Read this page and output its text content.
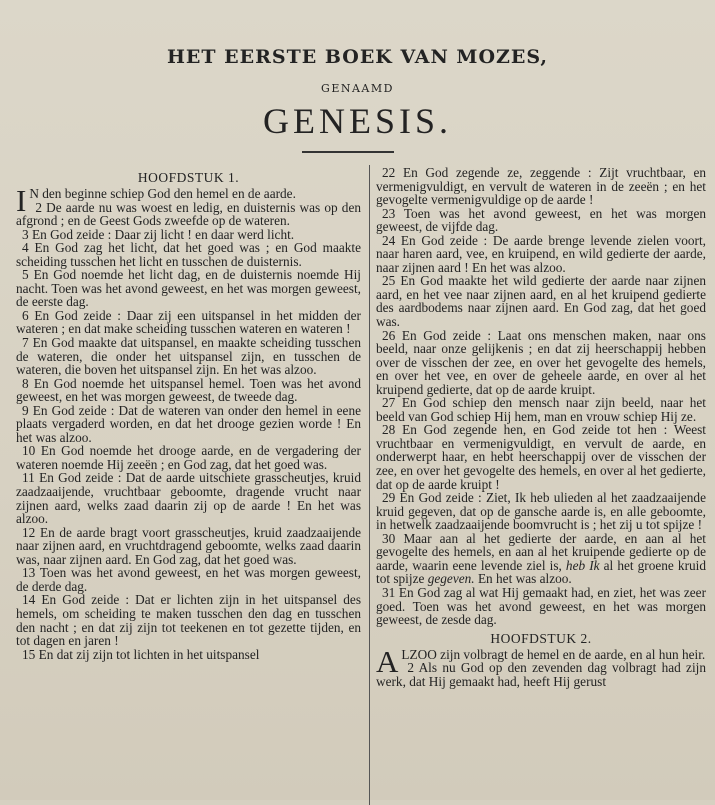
HET EERSTE BOEK VAN MOZES,
GENAAMD
GENESIS.
HOOFDSTUK 1.

I N den beginne schiep God den hemel en de aarde.

2 De aarde nu was woest en ledig, en duisternis was op den afgrond ; en de Geest Gods zweefde op de wateren.

3 En God zeide : Daar zij licht ! en daar werd licht.

4 En God zag het licht, dat het goed was ; en God maakte scheiding tusschen het licht en tusschen de duisternis.

5 En God noemde het licht dag, en de duisternis noemde Hij nacht. Toen was het avond geweest, en het was morgen geweest, de eerste dag.

6 En God zeide : Daar zij een uitspansel in het midden der wateren ; en dat make scheiding tusschen wateren en wateren !

7 En God maakte dat uitspansel, en maakte scheiding tusschen de wateren, die onder het uitspansel zijn, en tusschen de wateren, die boven het uitspansel zijn. En het was alzoo.

8 En God noemde het uitspansel hemel. Toen was het avond geweest, en het was morgen geweest, de tweede dag.

9 En God zeide : Dat de wateren van onder den hemel in eene plaats vergaderd worden, en dat het drooge gezien worde ! En het was alzoo.

10 En God noemde het drooge aarde, en de vergadering der wateren noemde Hij zeeën ; en God zag, dat het goed was.

11 En God zeide : Dat de aarde uitschiete grasscheutjes, kruid zaadzaaijende, vruchtbaar geboomte, dragende vrucht naar zijnen aard, welks zaad daarin zij op de aarde ! En het was alzoo.

12 En de aarde bragt voort grasscheutjes, kruid zaadzaaijende naar zijnen aard, en vruchtdragend geboomte, welks zaad daarin was, naar zijnen aard. En God zag, dat het goed was.

13 Toen was het avond geweest, en het was morgen geweest, de derde dag.

14 En God zeide : Dat er lichten zijn in het uitspansel des hemels, om scheiding te maken tusschen den dag en tusschen den nacht ; en dat zij zijn tot teekenen en tot gezette tijden, en tot dagen en jaren !

15 En dat zij zijn tot lichten in het uitspansel

22 En God zegende ze, zeggende : Zijt vruchtbaar, en vermenigvuldigt, en vervult de wateren in de zeeën ; en het gevogelte vermenigvuldige op de aarde !

23 Toen was het avond geweest, en het was morgen geweest, de vijfde dag.

24 En God zeide : De aarde brenge levende zielen voort, naar haren aard, vee, en kruipend, en wild gedierte der aarde, naar zijnen aard ! En het was alzoo.

25 En God maakte het wild gedierte der aarde naar zijnen aard, en het vee naar zijnen aard, en al het kruipend gedierte des aardbodems naar zijnen aard. En God zag, dat het goed was.

26 En God zeide : Laat ons menschen maken, naar ons beeld, naar onze gelijkenis ; en dat zij heerschappij hebben over de visschen der zee, en over het gevogelte des hemels, en over het vee, en over de geheele aarde, en over al het kruipend gedierte, dat op de aarde kruipt.

27 En God schiep den mensch naar zijn beeld, naar het beeld van God schiep Hij hem, man en vrouw schiep Hij ze.

28 En God zegende hen, en God zeide tot hen : Weest vruchtbaar en vermenigvuldigt, en vervult de aarde, en onderwerpt haar, en hebt heerschappij over de visschen der zee, en over het gevogelte des hemels, en over al het gedierte, dat op de aarde kruipt !

29 En God zeide : Ziet, Ik heb ulieden al het zaadzaaijende kruid gegeven, dat op de gansche aarde is, en alle geboomte, in hetwelk zaadzaaijende boomvrucht is ; het zij u tot spijze !

30 Maar aan al het gedierte der aarde, en aan al het gevogelte des hemels, en aan al het kruipende gedierte op de aarde, waarin eene levende ziel is, heb Ik al het groene kruid tot spijze gegeven. En het was alzoo.

31 En God zag al wat Hij gemaakt had, en ziet, het was zeer goed. Toen was het avond geweest, en het was morgen geweest, de zesde dag.

HOOFDSTUK 2.

ALZOO zijn volbragt de hemel en de aarde, en al hun heir.

2 Als nu God op den zevenden dag volbragt had zijn werk, dat Hij gemaakt had, heeft Hij gerust
